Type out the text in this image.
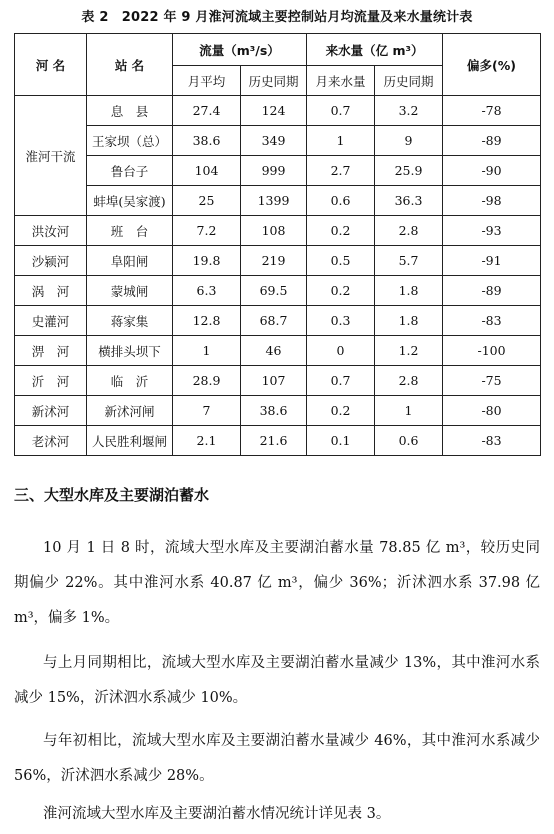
表 2　2022 年 9 月淮河流域主要控制站月均流量及来水量统计表
河 名	站 名	流量（m³/s）		来水量（亿 m³）		偏多(%)
		月平均	历史同期	月来水量	历史同期	
淮河干流	息　县	27.4	124	0.7	3.2	-78
	王家坝（总）	38.6	349	1	9	-89
	鲁台子	104	999	2.7	25.9	-90
	蚌埠(吴家渡)	25	1399	0.6	36.3	-98
洪汝河	班　台	7.2	108	0.2	2.8	-93
沙颍河	阜阳闸	19.8	219	0.5	5.7	-91
涡　河	蒙城闸	6.3	69.5	0.2	1.8	-89
史灌河	蒋家集	12.8	68.7	0.3	1.8	-83
淠　河	横排头坝下	1	46	0	1.2	-100
沂　河	临　沂	28.9	107	0.7	2.8	-75
新沭河	新沭河闸	7	38.6	0.2	1	-80
老沭河	人民胜利堰闸	2.1	21.6	0.1	0.6	-83
三、大型水库及主要湖泊蓄水

10 月 1 日 8 时，流域大型水库及主要湖泊蓄水量 78.85 亿 m³，较历史同期偏少 22%。其中淮河水系 40.87 亿 m³，偏少 36%；沂沭泗水系 37.98 亿 m³，偏多 1%。

与上月同期相比，流域大型水库及主要湖泊蓄水量减少 13%，其中淮河水系减少 15%，沂沭泗水系减少 10%。

与年初相比，流域大型水库及主要湖泊蓄水量减少 46%，其中淮河水系减少 56%，沂沭泗水系减少 28%。

淮河流域大型水库及主要湖泊蓄水情况统计详见表 3。
